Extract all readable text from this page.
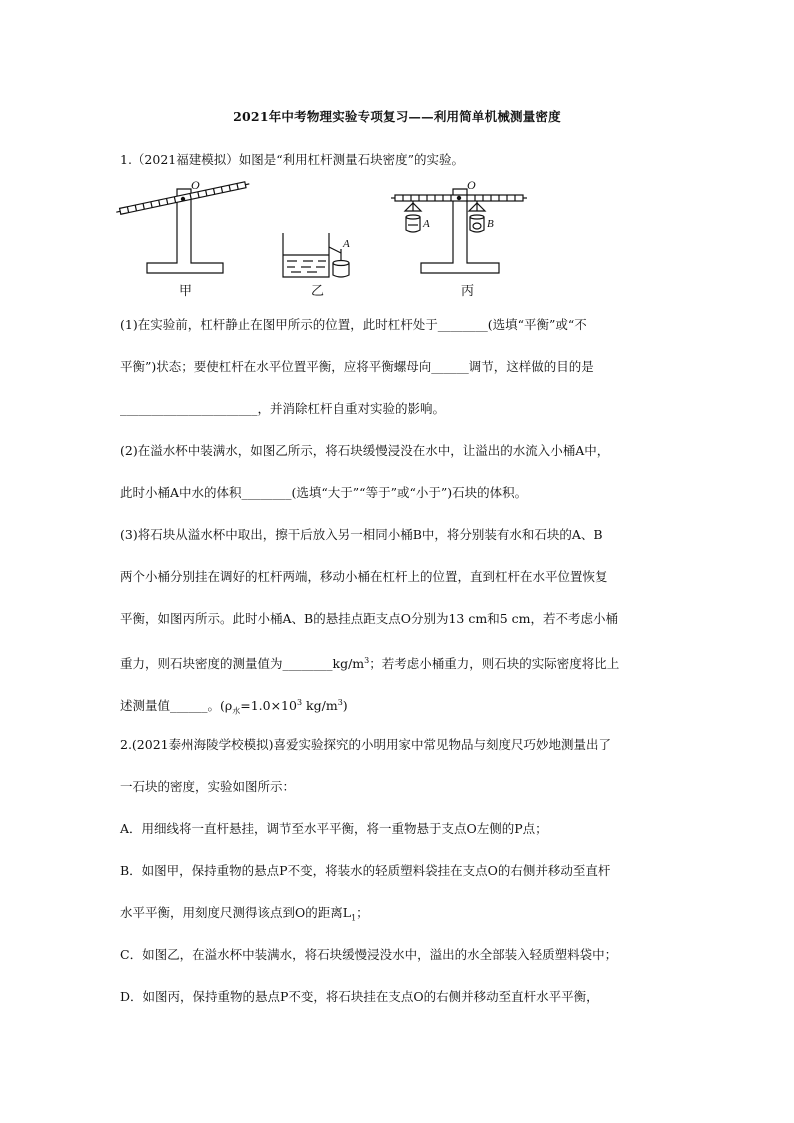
2021年中考物理实验专项复习——利用简单机械测量密度
1.（2021福建模拟）如图是“利用杠杆测量石块密度”的实验。
O	O
A
A	B
甲	乙	丙
(1)在实验前，杠杆静止在图甲所示的位置，此时杠杆处于________(选填“平衡”或“不
平衡”)状态；要使杠杆在水平位置平衡，应将平衡螺母向______调节，这样做的目的是
______________________，并消除杠杆自重对实验的影响。
(2)在溢水杯中装满水，如图乙所示，将石块缓慢浸没在水中，让溢出的水流入小桶A中，
此时小桶A中水的体积________(选填“大于”“等于”或“小于”)石块的体积。
(3)将石块从溢水杯中取出，擦干后放入另一相同小桶B中，将分别装有水和石块的A、B
两个小桶分别挂在调好的杠杆两端，移动小桶在杠杆上的位置，直到杠杆在水平位置恢复
平衡，如图丙所示。此时小桶A、B的悬挂点距支点O分别为13 cm和5 cm，若不考虑小桶
重力，则石块密度的测量值为$\_\_\_\_\_\_\_\_kg/m^3$；若考虑小桶重力，则石块的实际密度将比上
述测量值______。($\rho_水=1.0\times 10^3$ $kg/m^3$)
2.(2021泰州海陵学校模拟)喜爱实验探究的小明用家中常见物品与刻度尺巧妙地测量出了
一石块的密度，实验如图所示：
A．用细线将一直杆悬挂，调节至水平平衡，将一重物悬于支点O左侧的P点；
B．如图甲，保持重物的悬点P不变，将装水的轻质塑料袋挂在支点O的右侧并移动至直杆
水平平衡，用刻度尺测得该点到O的距离$L_1$；
C．如图乙，在溢水杯中装满水，将石块缓慢浸没水中，溢出的水全部装入轻质塑料袋中；
D．如图丙，保持重物的悬点P不变，将石块挂在支点O的右侧并移动至直杆水平平衡，
